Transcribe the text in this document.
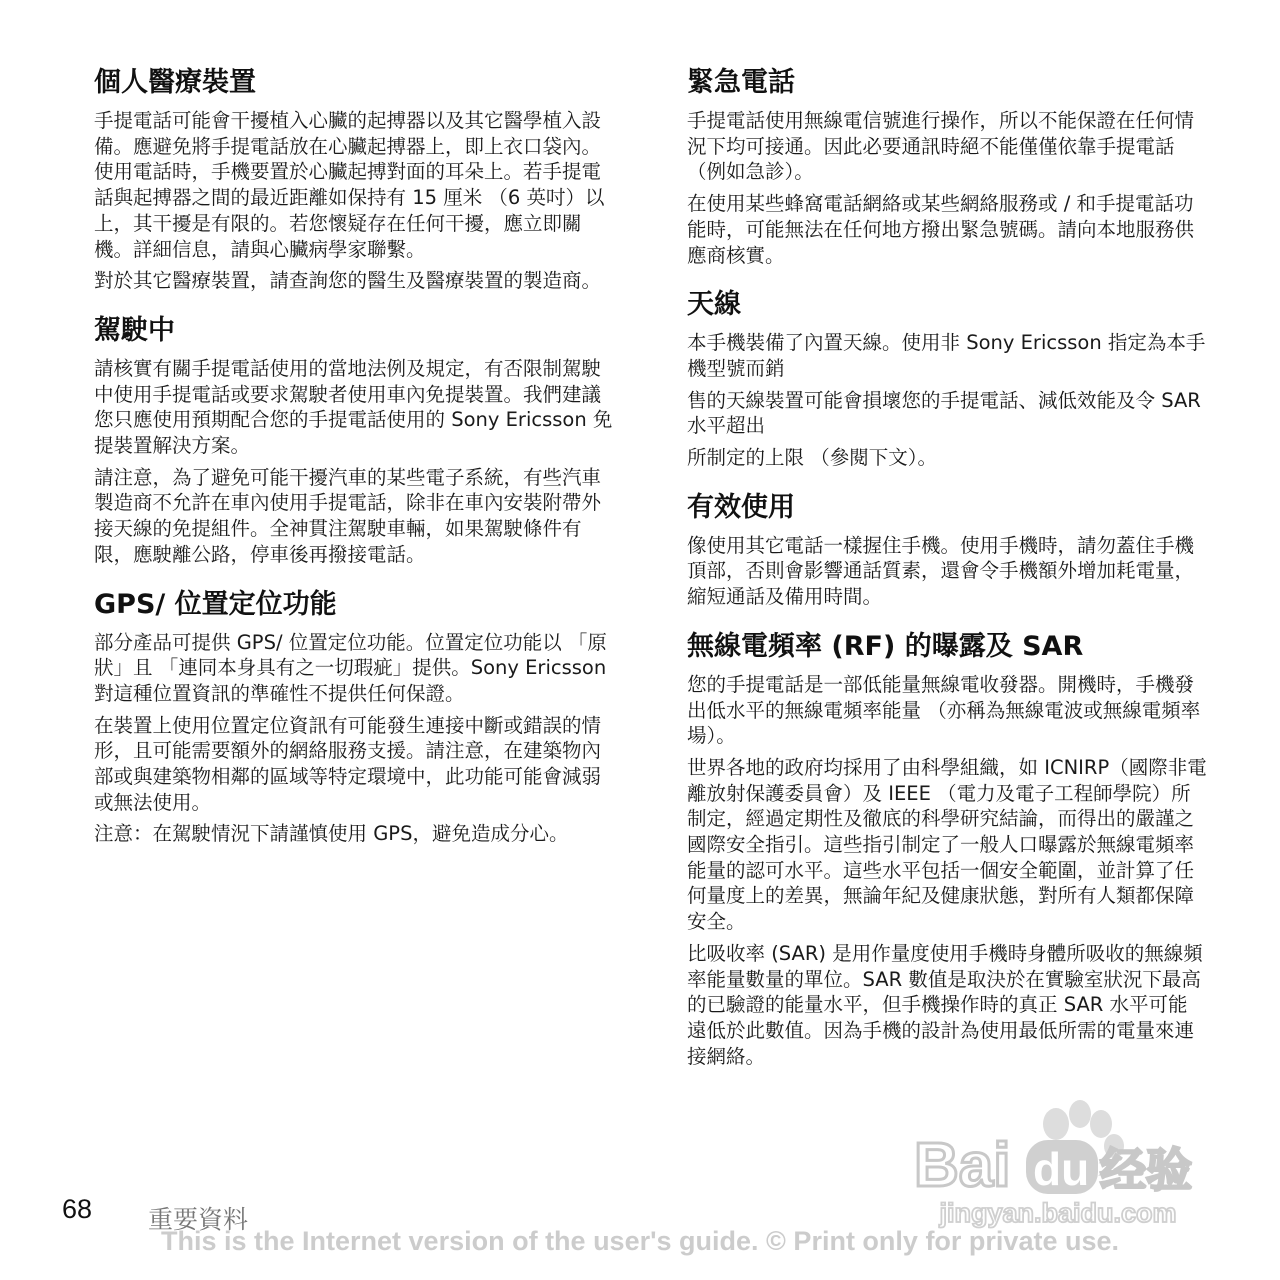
個人醫療裝置

手提電話可能會干擾植入心臟的起搏器以及其它醫學植入設備。應避免將手提電話放在心臟起搏器上，即上衣口袋內。使用電話時，手機要置於心臟起搏對面的耳朵上。若手提電話與起搏器之間的最近距離如保持有 15 厘米 （6 英吋）以上，其干擾是有限的。若您懷疑存在任何干擾，應立即關機。詳細信息，請與心臟病學家聯繫。

對於其它醫療裝置，請查詢您的醫生及醫療裝置的製造商。

駕駛中

請核實有關手提電話使用的當地法例及規定，有否限制駕駛中使用手提電話或要求駕駛者使用車內免提裝置。我們建議您只應使用預期配合您的手提電話使用的 Sony Ericsson 免提裝置解決方案。

請注意，為了避免可能干擾汽車的某些電子系統，有些汽車製造商不允許在車內使用手提電話，除非在車內安裝附帶外接天線的免提組件。全神貫注駕駛車輛，如果駕駛條件有限，應駛離公路，停車後再撥接電話。

GPS/ 位置定位功能

部分產品可提供 GPS/ 位置定位功能。位置定位功能以 「原狀」且 「連同本身具有之一切瑕疵」提供。Sony Ericsson 對這種位置資訊的準確性不提供任何保證。

在裝置上使用位置定位資訊有可能發生連接中斷或錯誤的情形，且可能需要額外的網絡服務支援。請注意，在建築物內部或與建築物相鄰的區域等特定環境中，此功能可能會減弱或無法使用。

注意：在駕駛情況下請謹慎使用 GPS，避免造成分心。

緊急電話

手提電話使用無線電信號進行操作，所以不能保證在任何情況下均可接通。因此必要通訊時絕不能僅僅依靠手提電話 （例如急診）。

在使用某些蜂窩電話網絡或某些網絡服務或 / 和手提電話功能時，可能無法在任何地方撥出緊急號碼。請向本地服務供應商核實。

天線

本手機裝備了內置天線。使用非 Sony Ericsson 指定為本手機型號而銷

售的天線裝置可能會損壞您的手提電話、減低效能及令 SAR 水平超出

所制定的上限 （參閱下文）。

有效使用

像使用其它電話一樣握住手機。使用手機時，請勿蓋住手機頂部，否則會影響通話質素，還會令手機額外增加耗電量，縮短通話及備用時間。

無線電頻率 (RF) 的曝露及 SAR

您的手提電話是一部低能量無線電收發器。開機時，手機發出低水平的無線電頻率能量 （亦稱為無線電波或無線電頻率場）。

世界各地的政府均採用了由科學組織，如 ICNIRP（國際非電離放射保護委員會）及 IEEE （電力及電子工程師學院）所制定，經過定期性及徹底的科學研究結論，而得出的嚴謹之國際安全指引。這些指引制定了一般人口曝露於無線電頻率能量的認可水平。這些水平包括一個安全範圍，並計算了任何量度上的差異，無論年紀及健康狀態，對所有人類都保障安全。

比吸收率 (SAR) 是用作量度使用手機時身體所吸收的無線頻率能量數量的單位。SAR 數值是取決於在實驗室狀況下最高的已驗證的能量水平，但手機操作時的真正 SAR 水平可能遠低於此數值。因為手機的設計為使用最低所需的電量來連接網絡。

Bai du 经验
jingyan.baidu.com
68 重要資料
This is the Internet version of the user's guide. © Print only for private use.
